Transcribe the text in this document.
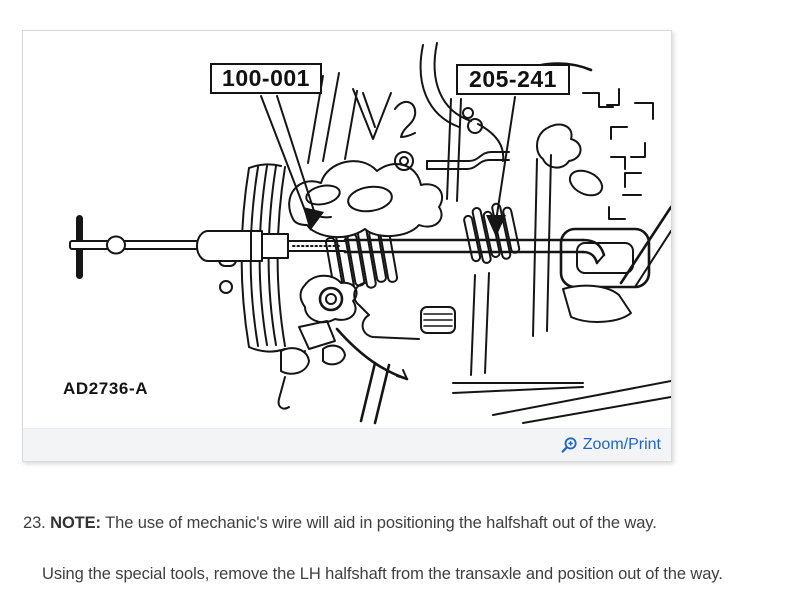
100-001	205-241
AD2736-A
Zoom/Print
23. NOTE: The use of mechanic's wire will aid in positioning the halfshaft out of the way.
Using the special tools, remove the LH halfshaft from the transaxle and position out of the way.
